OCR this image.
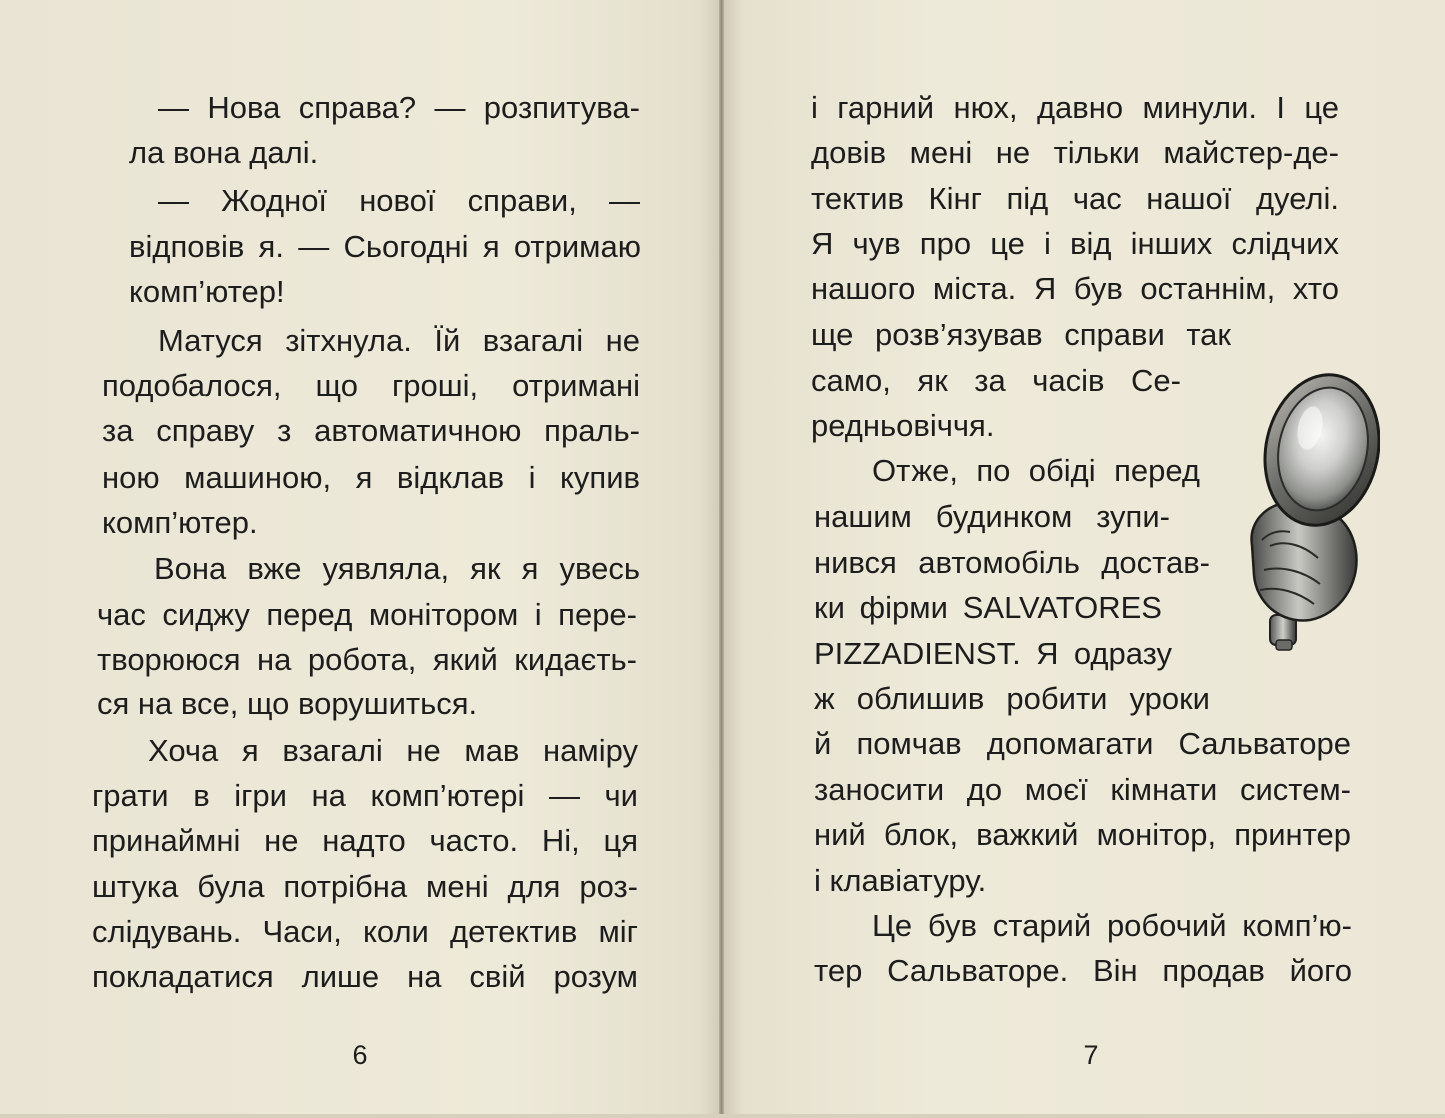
— Нова справа? — розпитува-
ла вона далі.
— Жодної нової справи, —
відповів я. — Сьогодні я отримаю
комп’ютер!
Матуся зітхнула. Їй взагалі не
подобалося, що гроші, отримані
за справу з автоматичною праль-
ною машиною, я відклав і купив
комп’ютер.
Вона вже уявляла, як я увесь
час сиджу перед монітором і пере-
творююся на робота, який кидаєть-
ся на все, що ворушиться.
Хоча я взагалі не мав наміру
грати в ігри на комп’ютері — чи
принаймні не надто часто. Ні, ця
штука була потрібна мені для роз-
слідувань. Часи, коли детектив міг
покладатися лише на свій розум
6
і гарний нюх, давно минули. І це
довів мені не тільки майстер-де-
тектив Кінг під час нашої дуелі.
Я чув про це і від інших слідчих
нашого міста. Я був останнім, хто
ще розв’язував справи так
само, як за часів Се-
редньовіччя.
Отже, по обіді перед
нашим будинком зупи-
нився автомобіль достав-
ки фірми SALVATORES
PIZZADIENST. Я одразу
ж облишив робити уроки
й помчав допомагати Сальваторе
заносити до моєї кімнати систем-
ний блок, важкий монітор, принтер
і клавіатуру.
Це був старий робочий комп’ю-
тер Сальваторе. Він продав його
7
